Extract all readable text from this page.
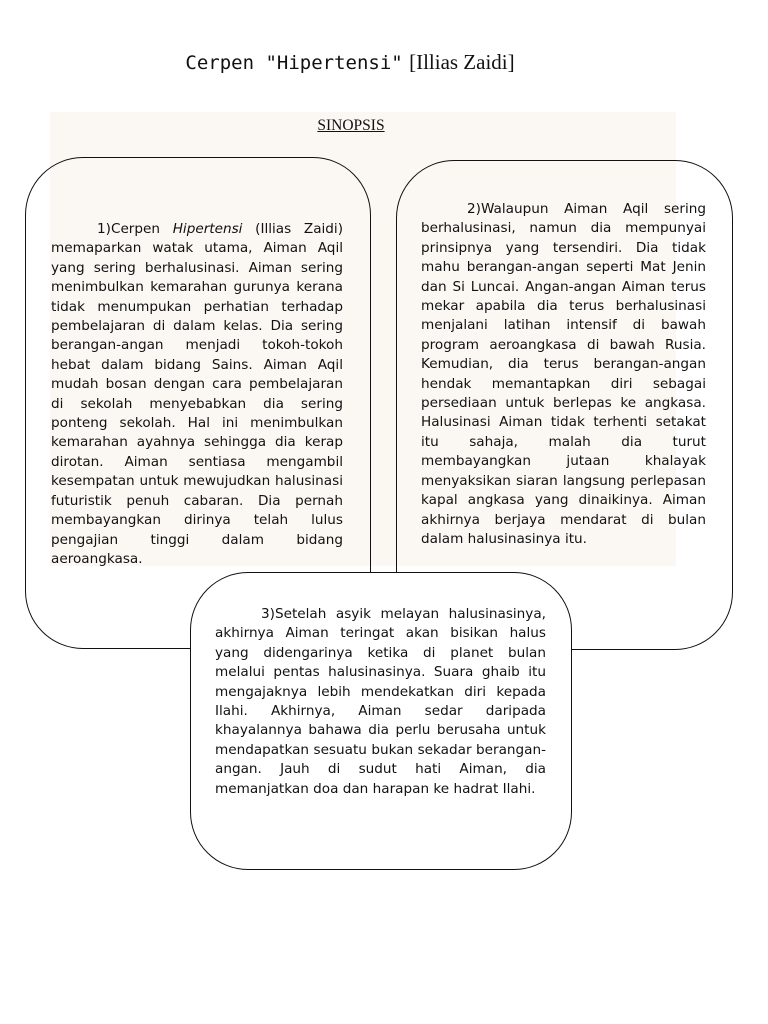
Cerpen "Hipertensi" [Illias Zaidi]
SINOPSIS
1)Cerpen Hipertensi (Illias Zaidi) memaparkan watak utama, Aiman Aqil yang sering berhalusinasi. Aiman sering menimbulkan kemarahan gurunya kerana tidak menumpukan perhatian terhadap pembelajaran di dalam kelas. Dia sering berangan-angan menjadi tokoh-tokoh hebat dalam bidang Sains. Aiman Aqil mudah bosan dengan cara pembelajaran di sekolah menyebabkan dia sering ponteng sekolah. Hal ini menimbulkan kemarahan ayahnya sehingga dia kerap dirotan. Aiman sentiasa mengambil kesempatan untuk mewujudkan halusinasi futuristik penuh cabaran. Dia pernah membayangkan dirinya telah lulus pengajian tinggi dalam bidang aeroangkasa.
2)Walaupun Aiman Aqil sering berhalusinasi, namun dia mempunyai prinsipnya yang tersendiri. Dia tidak mahu berangan-angan seperti Mat Jenin dan Si Luncai. Angan-angan Aiman terus mekar apabila dia terus berhalusinasi menjalani latihan intensif di bawah program aeroangkasa di bawah Rusia. Kemudian, dia terus berangan-angan hendak memantapkan diri sebagai persediaan untuk berlepas ke angkasa. Halusinasi Aiman tidak terhenti setakat itu sahaja, malah dia turut membayangkan jutaan khalayak menyaksikan siaran langsung perlepasan kapal angkasa yang dinaikinya. Aiman akhirnya berjaya mendarat di bulan dalam halusinasinya itu.
3)Setelah asyik melayan halusinasinya, akhirnya Aiman teringat akan bisikan halus yang didengarinya ketika di planet bulan melalui pentas halusinasinya. Suara ghaib itu mengajaknya lebih mendekatkan diri kepada Ilahi. Akhirnya, Aiman sedar daripada khayalannya bahawa dia perlu berusaha untuk mendapatkan sesuatu bukan sekadar berangan-angan. Jauh di sudut hati Aiman, dia memanjatkan doa dan harapan ke hadrat Ilahi.
